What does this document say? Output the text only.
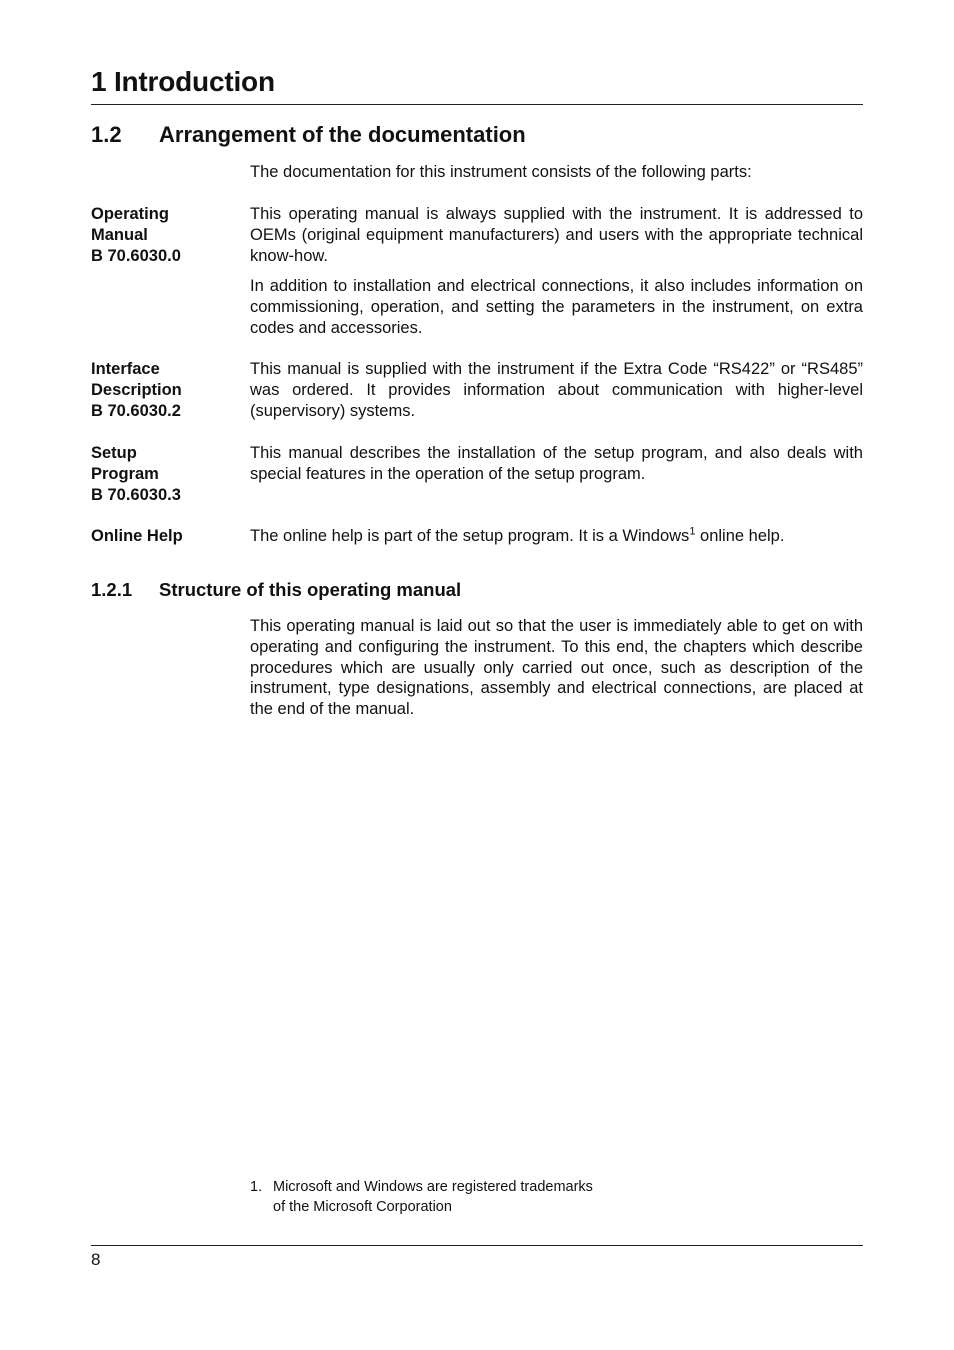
1 Introduction
1.2 Arrangement of the documentation
The documentation for this instrument consists of the following parts:
Operating
Manual
B 70.6030.0
This operating manual is always supplied with the instrument. It is addressed to OEMs (original equipment manufacturers) and users with the appropriate technical know-how.
In addition to installation and electrical connections, it also includes information on commissioning, operation, and setting the parameters in the instrument, on extra codes and accessories.
Interface
Description
B 70.6030.2
This manual is supplied with the instrument if the Extra Code “RS422” or “RS485” was ordered. It provides information about communication with higher-level (supervisory) systems.
Setup
Program
B 70.6030.3
This manual describes the installation of the setup program, and also deals with special features in the operation of the setup program.
Online Help	The online help is part of the setup program. It is a Windows$^1$ online help.
1.2.1 Structure of this operating manual
This operating manual is laid out so that the user is immediately able to get on with operating and configuring the instrument. To this end, the chapters which describe procedures which are usually only carried out once, such as description of the instrument, type designations, assembly and electrical connections, are placed at the end of the manual.
1. Microsoft and Windows are registered trademarks
of the Microsoft Corporation
8
